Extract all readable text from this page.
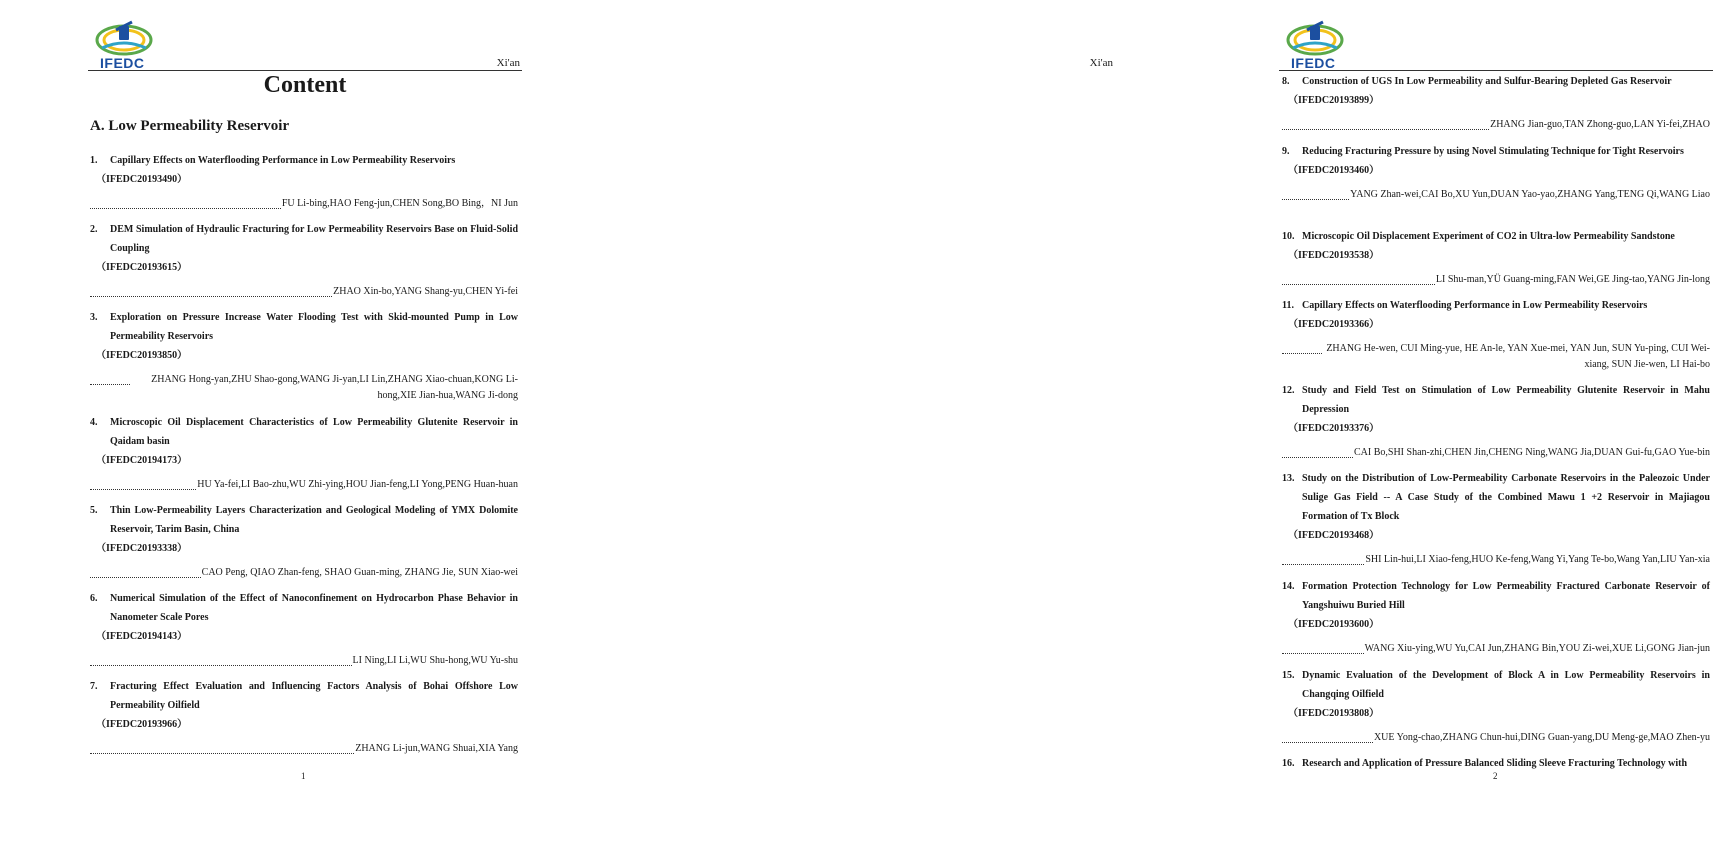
IFEDC	Xi'an
Content
A. Low Permeability Reservoir

1. Capillary Effects on Waterflooding Performance in Low Permeability Reservoirs

（IFEDC20193490）

FU Li-bing,HAO Feng-jun,CHEN Song,BO Bing，NI Jun

2. DEM Simulation of Hydraulic Fracturing for Low Permeability Reservoirs Base on Fluid-Solid Coupling

（IFEDC20193615）

ZHAO Xin-bo,YANG Shang-yu,CHEN Yi-fei

3. Exploration on Pressure Increase Water Flooding Test with Skid-mounted Pump in Low Permeability Reservoirs

（IFEDC20193850）

ZHANG Hong-yan,ZHU Shao-gong,WANG Ji-yan,LI Lin,ZHANG Xiao-chuan,KONG Li-hong,XIE Jian-hua,WANG Ji-dong

4. Microscopic Oil Displacement Characteristics of Low Permeability Glutenite Reservoir in Qaidam basin

（IFEDC20194173）

HU Ya-fei,LI Bao-zhu,WU Zhi-ying,HOU Jian-feng,LI Yong,PENG Huan-huan

5. Thin Low-Permeability Layers Characterization and Geological Modeling of YMX Dolomite Reservoir, Tarim Basin, China

（IFEDC20193338）

CAO Peng, QIAO Zhan-feng, SHAO Guan-ming, ZHANG Jie, SUN Xiao-wei

6. Numerical Simulation of the Effect of Nanoconfinement on Hydrocarbon Phase Behavior in Nanometer Scale Pores

（IFEDC20194143）

LI Ning,LI Li,WU Shu-hong,WU Yu-shu

7. Fracturing Effect Evaluation and Influencing Factors Analysis of Bohai Offshore Low Permeability Oilfield

（IFEDC20193966）

ZHANG Li-jun,WANG Shuai,XIA Yang
1
IFEDC
Xi'an

8. Construction of UGS In Low Permeability and Sulfur-Bearing Depleted Gas Reservoir

（IFEDC20193899）

ZHANG Jian-guo,TAN Zhong-guo,LAN Yi-fei,ZHAO

9. Reducing Fracturing Pressure by using Novel Stimulating Technique for Tight Reservoirs

（IFEDC20193460）

YANG Zhan-wei,CAI Bo,XU Yun,DUAN Yao-yao,ZHANG Yang,TENG Qi,WANG Liao

10. Microscopic Oil Displacement Experiment of CO2 in Ultra-low Permeability Sandstone

（IFEDC20193538）

LI Shu-man,YÜ Guang-ming,FAN Wei,GE Jing-tao,YANG Jin-long

11. Capillary Effects on Waterflooding Performance in Low Permeability Reservoirs

（IFEDC20193366）

ZHANG He-wen, CUI Ming-yue, HE An-le, YAN Xue-mei, YAN Jun, SUN Yu-ping, CUI Wei-xiang, SUN Jie-wen, LI Hai-bo

12. Study and Field Test on Stimulation of Low Permeability Glutenite Reservoir in Mahu Depression

（IFEDC20193376）

CAI Bo,SHI Shan-zhi,CHEN Jin,CHENG Ning,WANG Jia,DUAN Gui-fu,GAO Yue-bin

13. Study on the Distribution of Low-Permeability Carbonate Reservoirs in the Paleozoic Under Sulige Gas Field -- A Case Study of the Combined Mawu 1 +2 Reservoir in Majiagou Formation of Tx Block

（IFEDC20193468）

SHI Lin-hui,LI Xiao-feng,HUO Ke-feng,Wang Yi,Yang Te-bo,Wang Yan,LIU Yan-xia

14. Formation Protection Technology for Low Permeability Fractured Carbonate Reservoir of Yangshuiwu Buried Hill

（IFEDC20193600）

WANG Xiu-ying,WU Yu,CAI Jun,ZHANG Bin,YOU Zi-wei,XUE Li,GONG Jian-jun

15. Dynamic Evaluation of the Development of Block A in Low Permeability Reservoirs in Changqing Oilfield

（IFEDC20193808）

XUE Yong-chao,ZHANG Chun-hui,DING Guan-yang,DU Meng-ge,MAO Zhen-yu

16. Research and Application of Pressure Balanced Sliding Sleeve Fracturing Technology with

2
